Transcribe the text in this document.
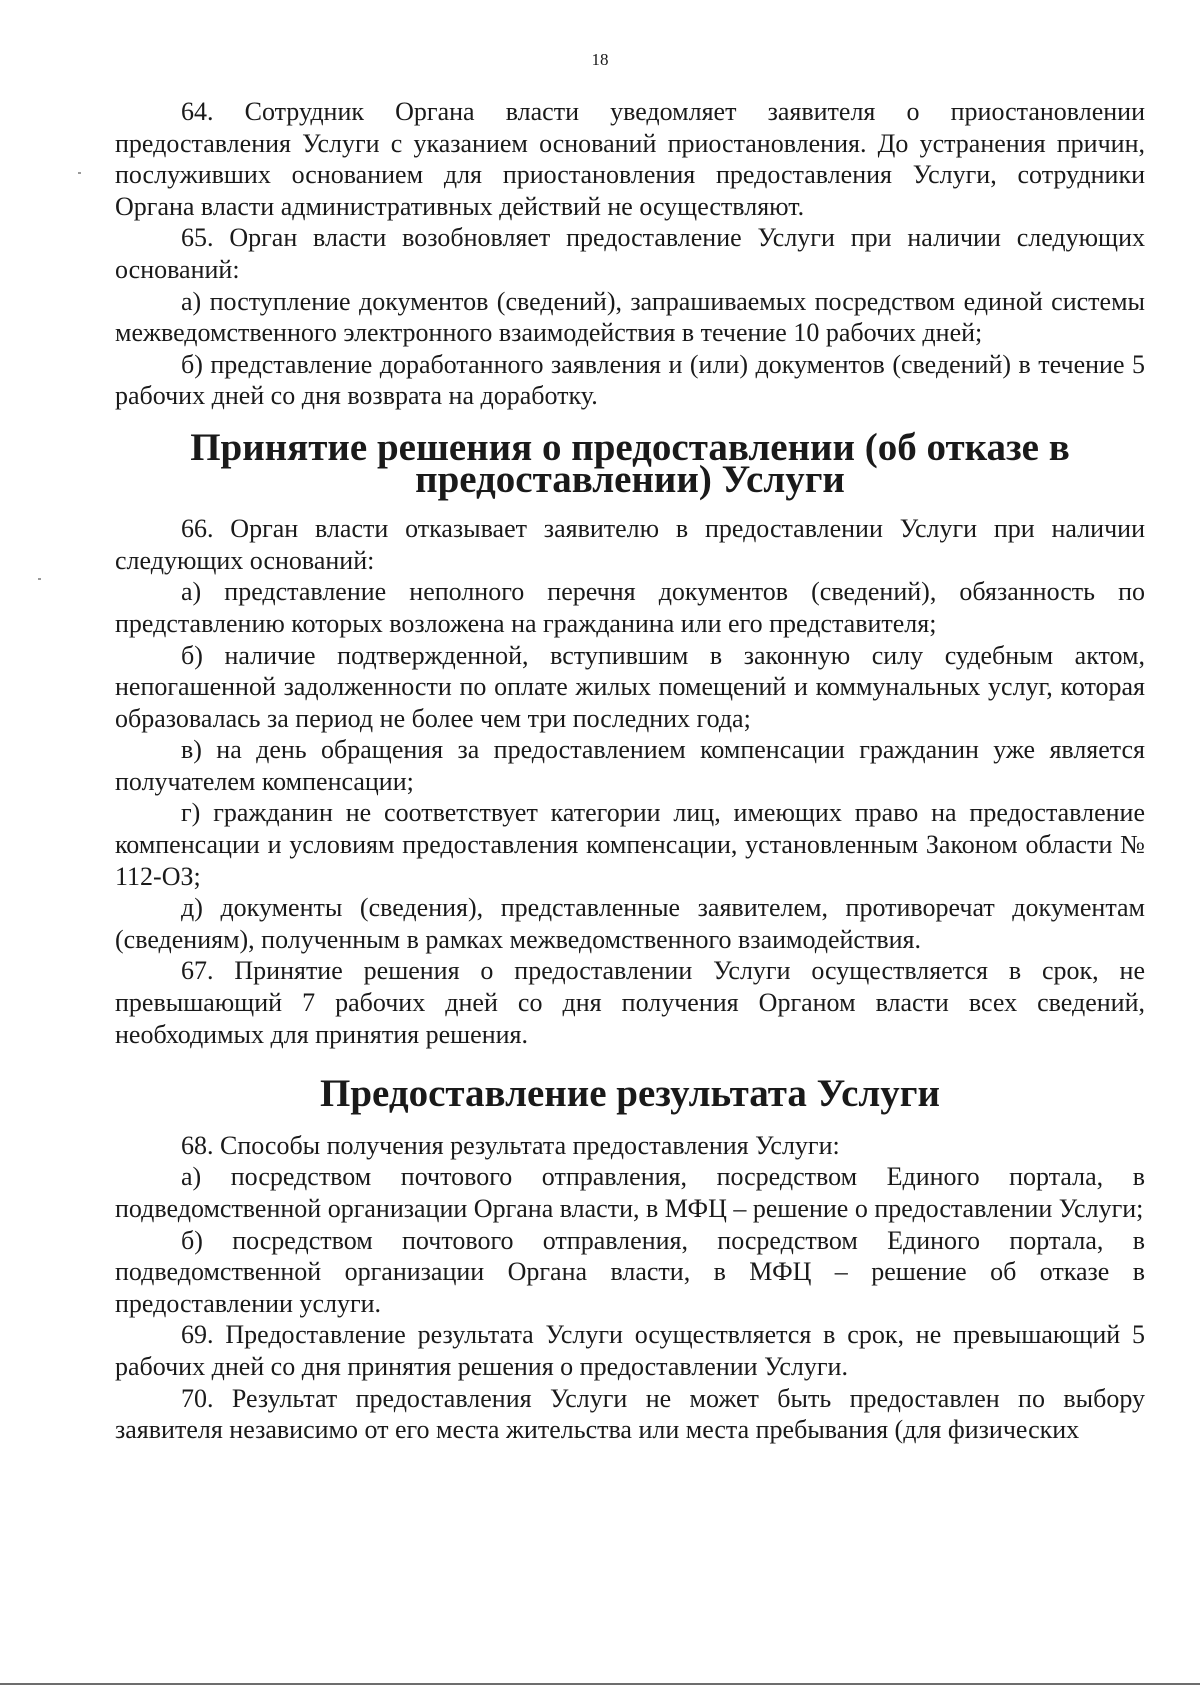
18

64. Сотрудник Органа власти уведомляет заявителя о приостановлении предоставления Услуги с указанием оснований приостановления. До устранения причин, послуживших основанием для приостановления предоставления Услуги, сотрудники Органа власти административных действий не осуществляют.

65. Орган власти возобновляет предоставление Услуги при наличии следующих оснований:

а) поступление документов (сведений), запрашиваемых посредством единой системы межведомственного электронного взаимодействия в течение 10 рабочих дней;

б) представление доработанного заявления и (или) документов (сведений) в течение 5 рабочих дней со дня возврата на доработку.

Принятие решения о предоставлении (об отказе в предоставлении) Услуги

66. Орган власти отказывает заявителю в предоставлении Услуги при наличии следующих оснований:

а) представление неполного перечня документов (сведений), обязанность по представлению которых возложена на гражданина или его представителя;

б) наличие подтвержденной, вступившим в законную силу судебным актом, непогашенной задолженности по оплате жилых помещений и коммунальных услуг, которая образовалась за период не более чем три последних года;

в) на день обращения за предоставлением компенсации гражданин уже является получателем компенсации;

г) гражданин не соответствует категории лиц, имеющих право на предоставление компенсации и условиям предоставления компенсации, установленным Законом области № 112-ОЗ;

д) документы (сведения), представленные заявителем, противоречат документам (сведениям), полученным в рамках межведомственного взаимодействия.

67. Принятие решения о предоставлении Услуги осуществляется в срок, не превышающий 7 рабочих дней со дня получения Органом власти всех сведений, необходимых для принятия решения.

Предоставление результата Услуги

68. Способы получения результата предоставления Услуги:

а) посредством почтового отправления, посредством Единого портала, в подведомственной организации Органа власти, в МФЦ – решение о предоставлении Услуги;

б) посредством почтового отправления, посредством Единого портала, в подведомственной организации Органа власти, в МФЦ – решение об отказе в предоставлении услуги.

69. Предоставление результата Услуги осуществляется в срок, не превышающий 5 рабочих дней со дня принятия решения о предоставлении Услуги.

70. Результат предоставления Услуги не может быть предоставлен по выбору заявителя независимо от его места жительства или места пребывания (для физических
